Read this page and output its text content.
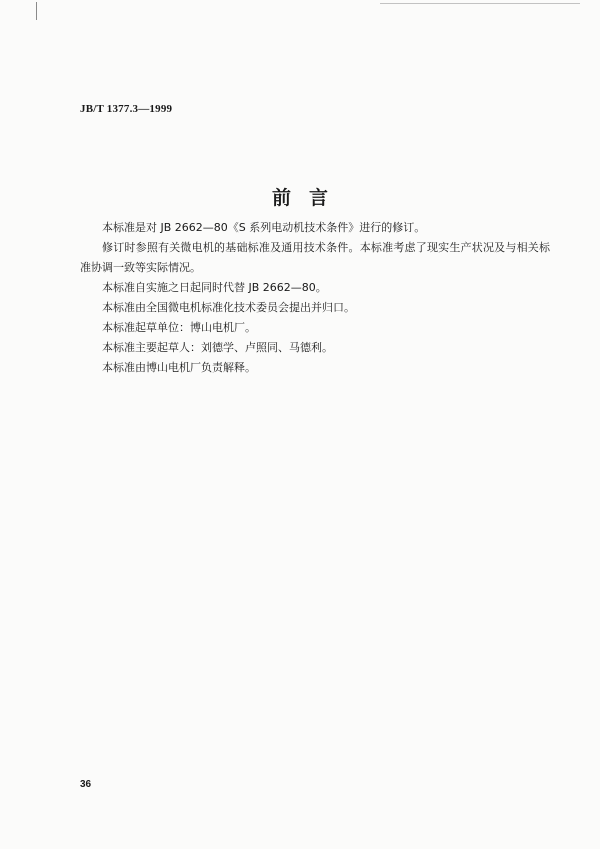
JB/T 1377.3—1999
前言

本标准是对 JB 2662—80《S 系列电动机技术条件》进行的修订。

修订时参照有关微电机的基础标准及通用技术条件。本标准考虑了现实生产状况及与相关标准协调一致等实际情况。

本标准自实施之日起同时代替 JB 2662—80。

本标准由全国微电机标准化技术委员会提出并归口。

本标准起草单位：博山电机厂。

本标准主要起草人：刘德学、卢照同、马德利。

本标准由博山电机厂负责解释。

36
